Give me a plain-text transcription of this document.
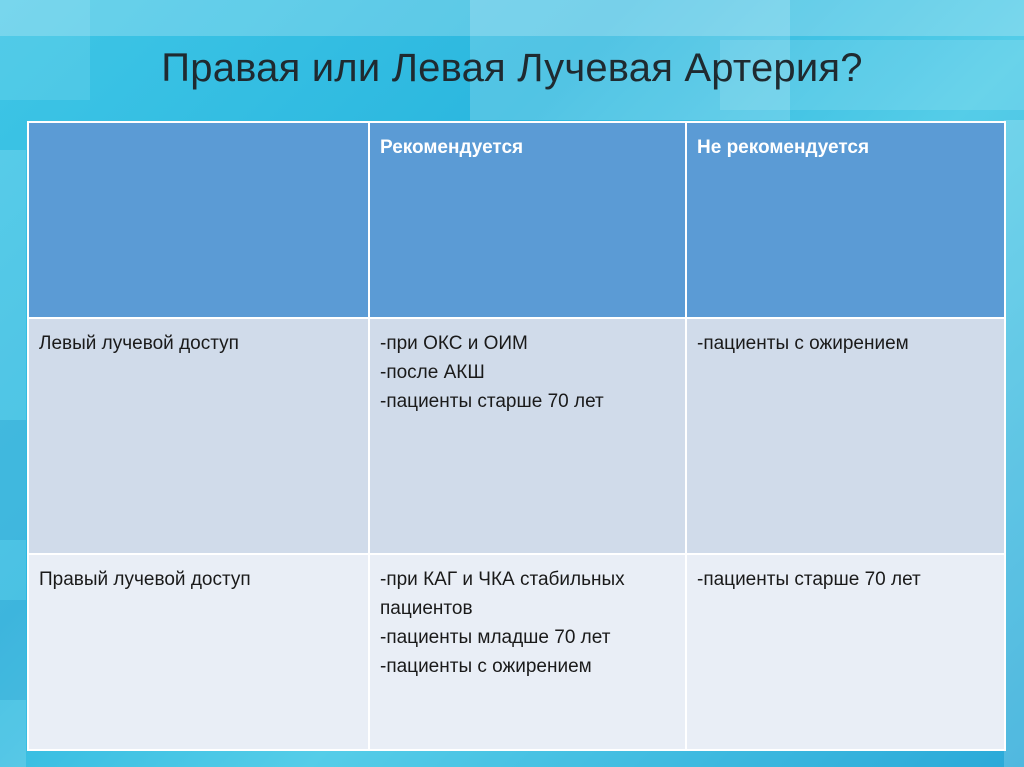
Правая или Левая Лучевая Артерия?
	Рекомендуется	Не рекомендуется
Левый лучевой доступ	-при ОКС и ОИМ
-после АКШ
-пациенты старше 70 лет	-пациенты с ожирением

Правый лучевой доступ	-при КАГ и ЧКА стабильных пациентов
-пациенты младше 70 лет
-пациенты с ожирением	-пациенты старше 70 лет
